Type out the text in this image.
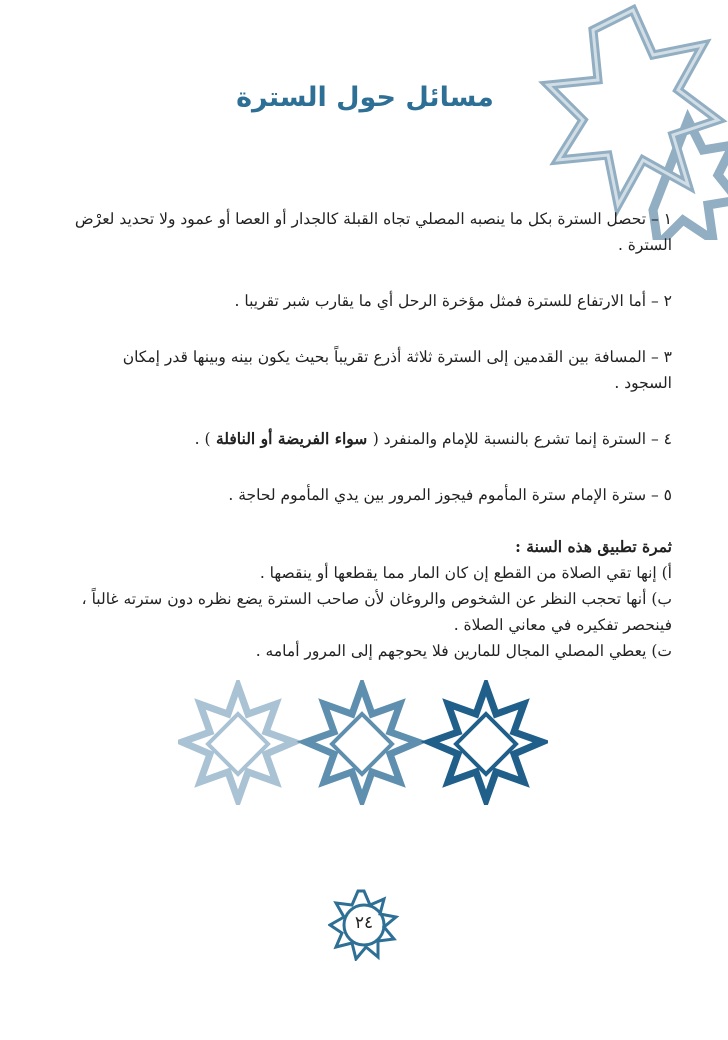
مسائل حول السترة

١ – تحصل السترة بكل ما ينصبه المصلي تجاه القبلة كالجدار أو العصا أو عمود ولا تحديد لعرْض السترة .

٢ – أما الارتفاع للسترة فمثل مؤخرة الرحل أي ما يقارب شبر تقريبا .

٣ – المسافة بين القدمين إلى السترة ثلاثة أذرع تقريباً بحيث يكون بينه وبينها قدر إمكان السجود .

٤ – السترة إنما تشرع بالنسبة للإمام والمنفرد ( سواء الفريضة أو النافلة ) .

٥ – سترة الإمام سترة المأموم فيجوز المرور بين يدي المأموم لحاجة .

ثمرة تطبيق هذه السنة :

أ) إنها تقي الصلاة من القطع إن كان المار مما يقطعها أو ينقصها .

ب) أنها تحجب النظر عن الشخوص والروغان لأن صاحب السترة يضع نظره دون سترته غالباً ، فينحصر تفكيره في معاني الصلاة .

ت) يعطي المصلي المجال للمارين فلا يحوجهم إلى المرور أمامه .

٢٤
